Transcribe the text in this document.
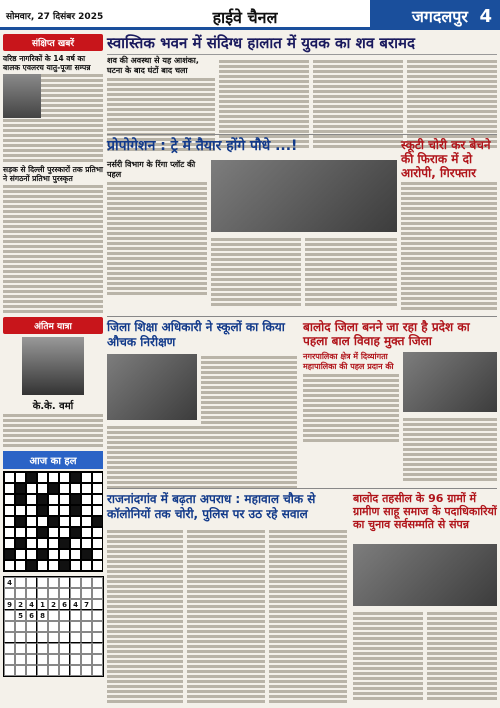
सोमवार, 27 दिसंबर 2025	हाईवे चैनल	जगदलपुर 4
संक्षिप्त खबरें
वरिष्ठ नागरिकों के 14 वर्ष का बालक एवलरच यातु-पूजा सम्पन्न
सड़क से दिल्ली पुरस्कारों तक प्रतिभा ने संगठनों प्रतिभा पुरस्कृत
अंतिम यात्रा
के.के. वर्मा
आज का हल
4
9 2 4 1 2 6 4 7
5 6 8
स्वास्तिक भवन में संदिग्ध हालात में युवक का शव बरामद
शव की अवस्था से यह आशंका, घटना के बाद घंटों बाद चला
प्रोपोगेशन : ट्रे में तैयार होंगे पौधे ...!
नर्सरी विभाग के रिंगा प्लॉट की पहल
स्कूटी चोरी कर बेचने की फिराक में दो आरोपी, गिरफ्तार
जिला शिक्षा अधिकारी ने स्कूलों का किया औचक निरीक्षण
बालोद जिला बनने जा रहा है प्रदेश का पहला बाल विवाह मुक्त जिला
नगरपालिका क्षेत्र में दिव्यांगता महापालिका की पहल प्रदान की
राजनांदगांव में बढ़ता अपराध : महावाल चौक से कॉलोनियों तक चोरी, पुलिस पर उठ रहे सवाल
बालोद तहसील के 96 ग्रामों में ग्रामीण साहू समाज के पदाधिकारियों का चुनाव सर्वसम्मति से संपन्न
